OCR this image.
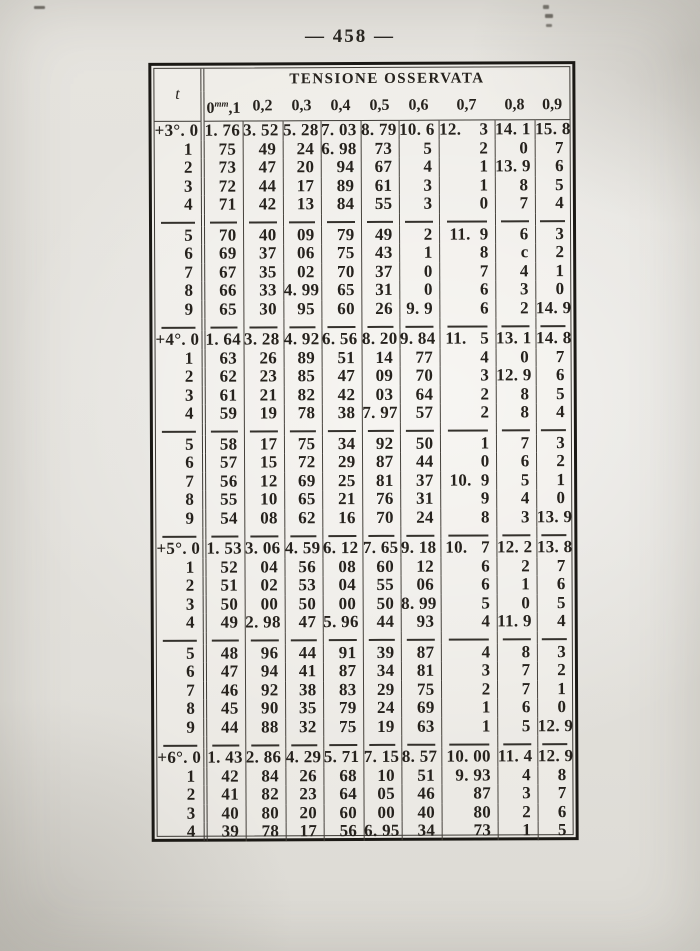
— 458 —
t	TENSIONE OSSERVATA								
	$0^{mm},1$	0,2	0,3	0,4	0,5	0,6	0,7	0,8	0,9
+3°. 0	1. 76	3. 52	5. 28	7. 03	8. 79	10. 6	12.    3	14. 1	15. 8
1	75	49	24	6. 98	73	5	2	0	7
2	73	47	20	94	67	4	1	13. 9	6
3	72	44	17	89	61	3	1	8	5
4	71	42	13	84	55	3	0	7	4

5	70	40	09	79	49	2	11.  9	6	3
6	69	37	06	75	43	1	8	c	2
7	67	35	02	70	37	0	7	4	1
8	66	33	4. 99	65	31	0	6	3	0
9	65	30	95	60	26	9. 9	6	2	14. 9

+4°. 0	1. 64	3. 28	4. 92	6. 56	8. 20	9. 84	11.   5	13. 1	14. 8
1	63	26	89	51	14	77	4	0	7
2	62	23	85	47	09	70	3	12. 9	6
3	61	21	82	42	03	64	2	8	5
4	59	19	78	38	7. 97	57	2	8	4

5	58	17	75	34	92	50	1	7	3
6	57	15	72	29	87	44	0	6	2
7	56	12	69	25	81	37	10.  9	5	1
8	55	10	65	21	76	31	9	4	0
9	54	08	62	16	70	24	8	3	13. 9

+5°. 0	1. 53	3. 06	4. 59	6. 12	7. 65	9. 18	10.   7	12. 2	13. 8
1	52	04	56	08	60	12	6	2	7
2	51	02	53	04	55	06	6	1	6
3	50	00	50	00	50	8. 99	5	0	5
4	49	2. 98	47	5. 96	44	93	4	11. 9	4

5	48	96	44	91	39	87	4	8	3
6	47	94	41	87	34	81	3	7	2
7	46	92	38	83	29	75	2	7	1
8	45	90	35	79	24	69	1	6	0
9	44	88	32	75	19	63	1	5	12. 9

+6°. 0	1. 43	2. 86	4. 29	5. 71	7. 15	8. 57	10. 00	11. 4	12. 9
1	42	84	26	68	10	51	9. 93	4	8
2	41	82	23	64	05	46	87	3	7
3	40	80	20	60	00	40	80	2	6
4	39	78	17	56	6. 95	34	73	1	5
